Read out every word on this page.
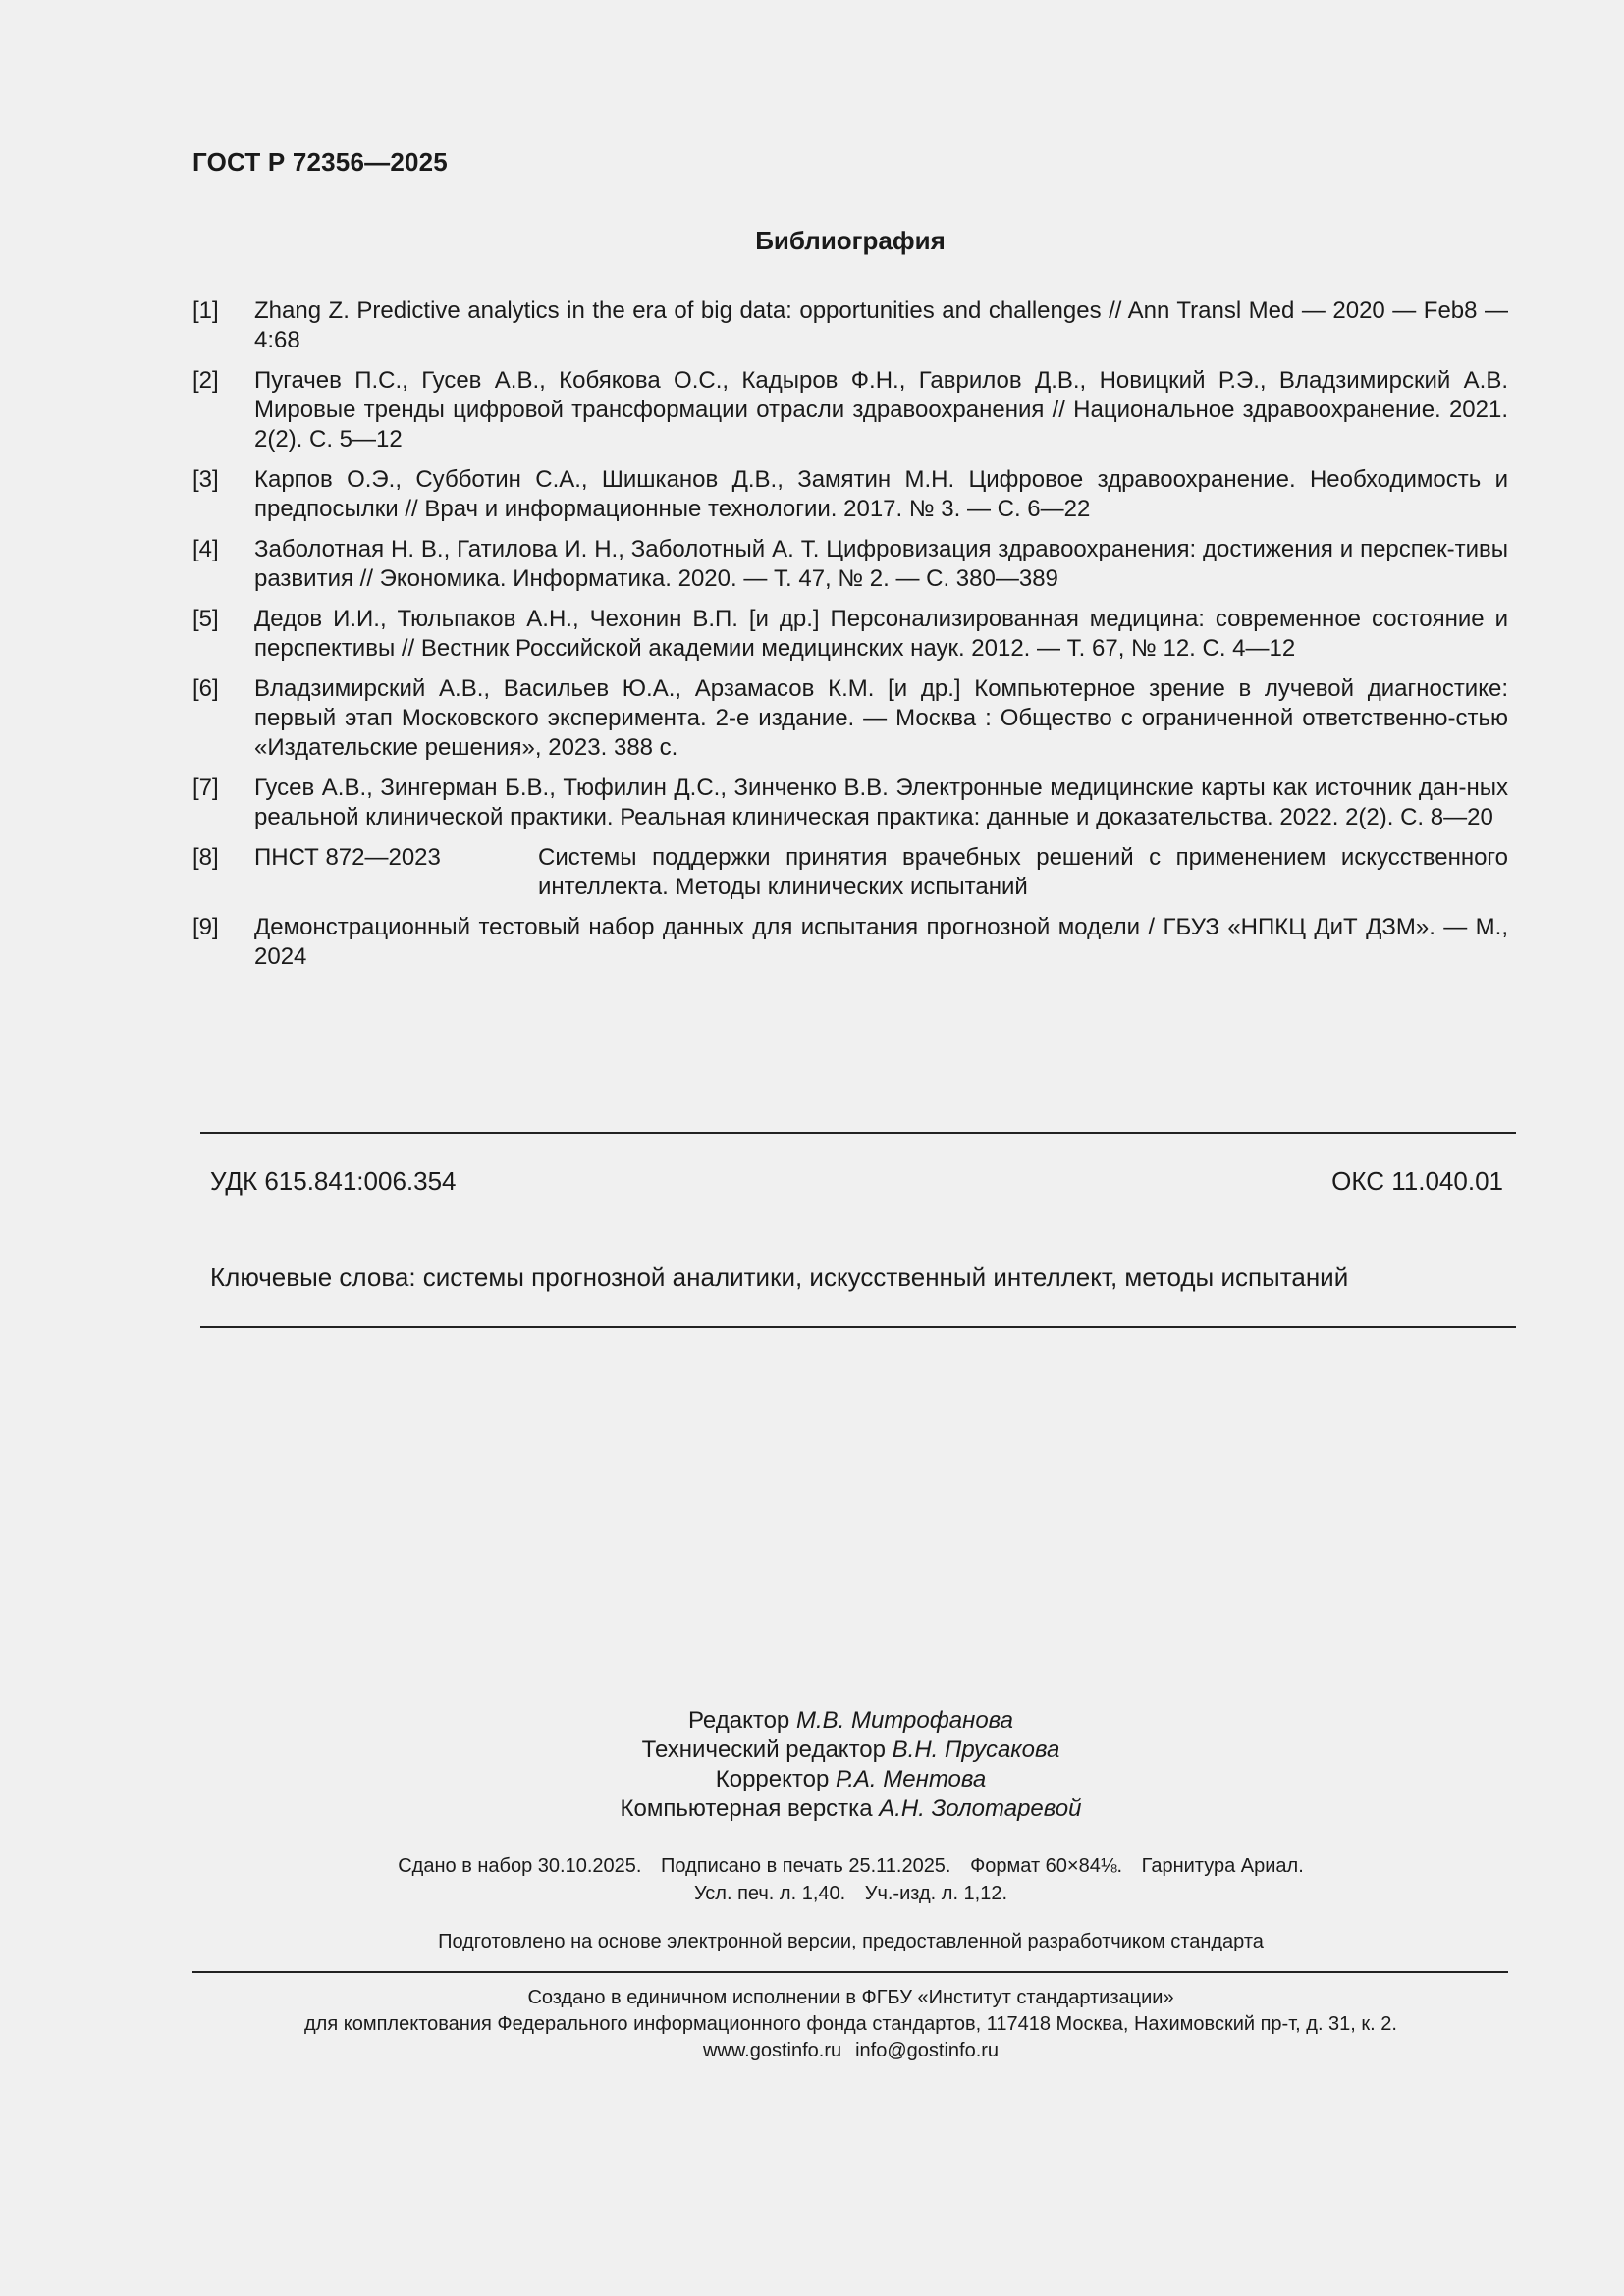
ГОСТ Р 72356—2025
Библиография
[1]	Zhang Z. Predictive analytics in the era of big data: opportunities and challenges // Ann Transl Med — 2020 — Feb8 — 4:68
[2]	Пугачев П.С., Гусев А.В., Кобякова О.С., Кадыров Ф.Н., Гаврилов Д.В., Новицкий Р.Э., Владзимирский А.В. Мировые тренды цифровой трансформации отрасли здравоохранения // Национальное здравоохранение. 2021. 2(2). С. 5—12
[3]	Карпов О.Э., Субботин С.А., Шишканов Д.В., Замятин М.Н. Цифровое здравоохранение. Необходимость и предпосылки // Врач и информационные технологии. 2017. № 3. — С. 6—22
[4]	Заболотная Н. В., Гатилова И. Н., Заболотный А. Т. Цифровизация здравоохранения: достижения и перспек-тивы развития // Экономика. Информатика. 2020. — Т. 47, № 2. — С. 380—389
[5]	Дедов И.И., Тюльпаков А.Н., Чехонин В.П. [и др.] Персонализированная медицина: современное состояние и перспективы // Вестник Российской академии медицинских наук. 2012. — Т. 67, № 12. С. 4—12
[6]	Владзимирский А.В., Васильев Ю.А., Арзамасов К.М. [и др.] Компьютерное зрение в лучевой диагностике: первый этап Московского эксперимента. 2-е издание. — Москва : Общество с ограниченной ответственно-стью «Издательские решения», 2023. 388 с.
[7]	Гусев А.В., Зингерман Б.В., Тюфилин Д.С., Зинченко В.В. Электронные медицинские карты как источник дан-ных реальной клинической практики. Реальная клиническая практика: данные и доказательства. 2022. 2(2). С. 8—20
[8]	ПНСТ 872—2023	Системы поддержки принятия врачебных решений с применением искусственного интеллекта. Методы клинических испытаний
[9]	Демонстрационный тестовый набор данных для испытания прогнозной модели / ГБУЗ «НПКЦ ДиТ ДЗМ». — М., 2024
УДК 615.841:006.354	ОКС 11.040.01
Ключевые слова: системы прогнозной аналитики, искусственный интеллект, методы испытаний
Редактор М.В. Митрофанова
Технический редактор В.Н. Прусакова
Корректор Р.А. Ментова
Компьютерная верстка А.Н. Золотаревой
Сдано в набор 30.10.2025. Подписано в печать 25.11.2025. Формат 60×84⅛. Гарнитура Ариал.
Усл. печ. л. 1,40. Уч.-изд. л. 1,12.
Подготовлено на основе электронной версии, предоставленной разработчиком стандарта
Создано в единичном исполнении в ФГБУ «Институт стандартизации»
для комплектования Федерального информационного фонда стандартов, 117418 Москва, Нахимовский пр-т, д. 31, к. 2.
www.gostinfo.ru info@gostinfo.ru
